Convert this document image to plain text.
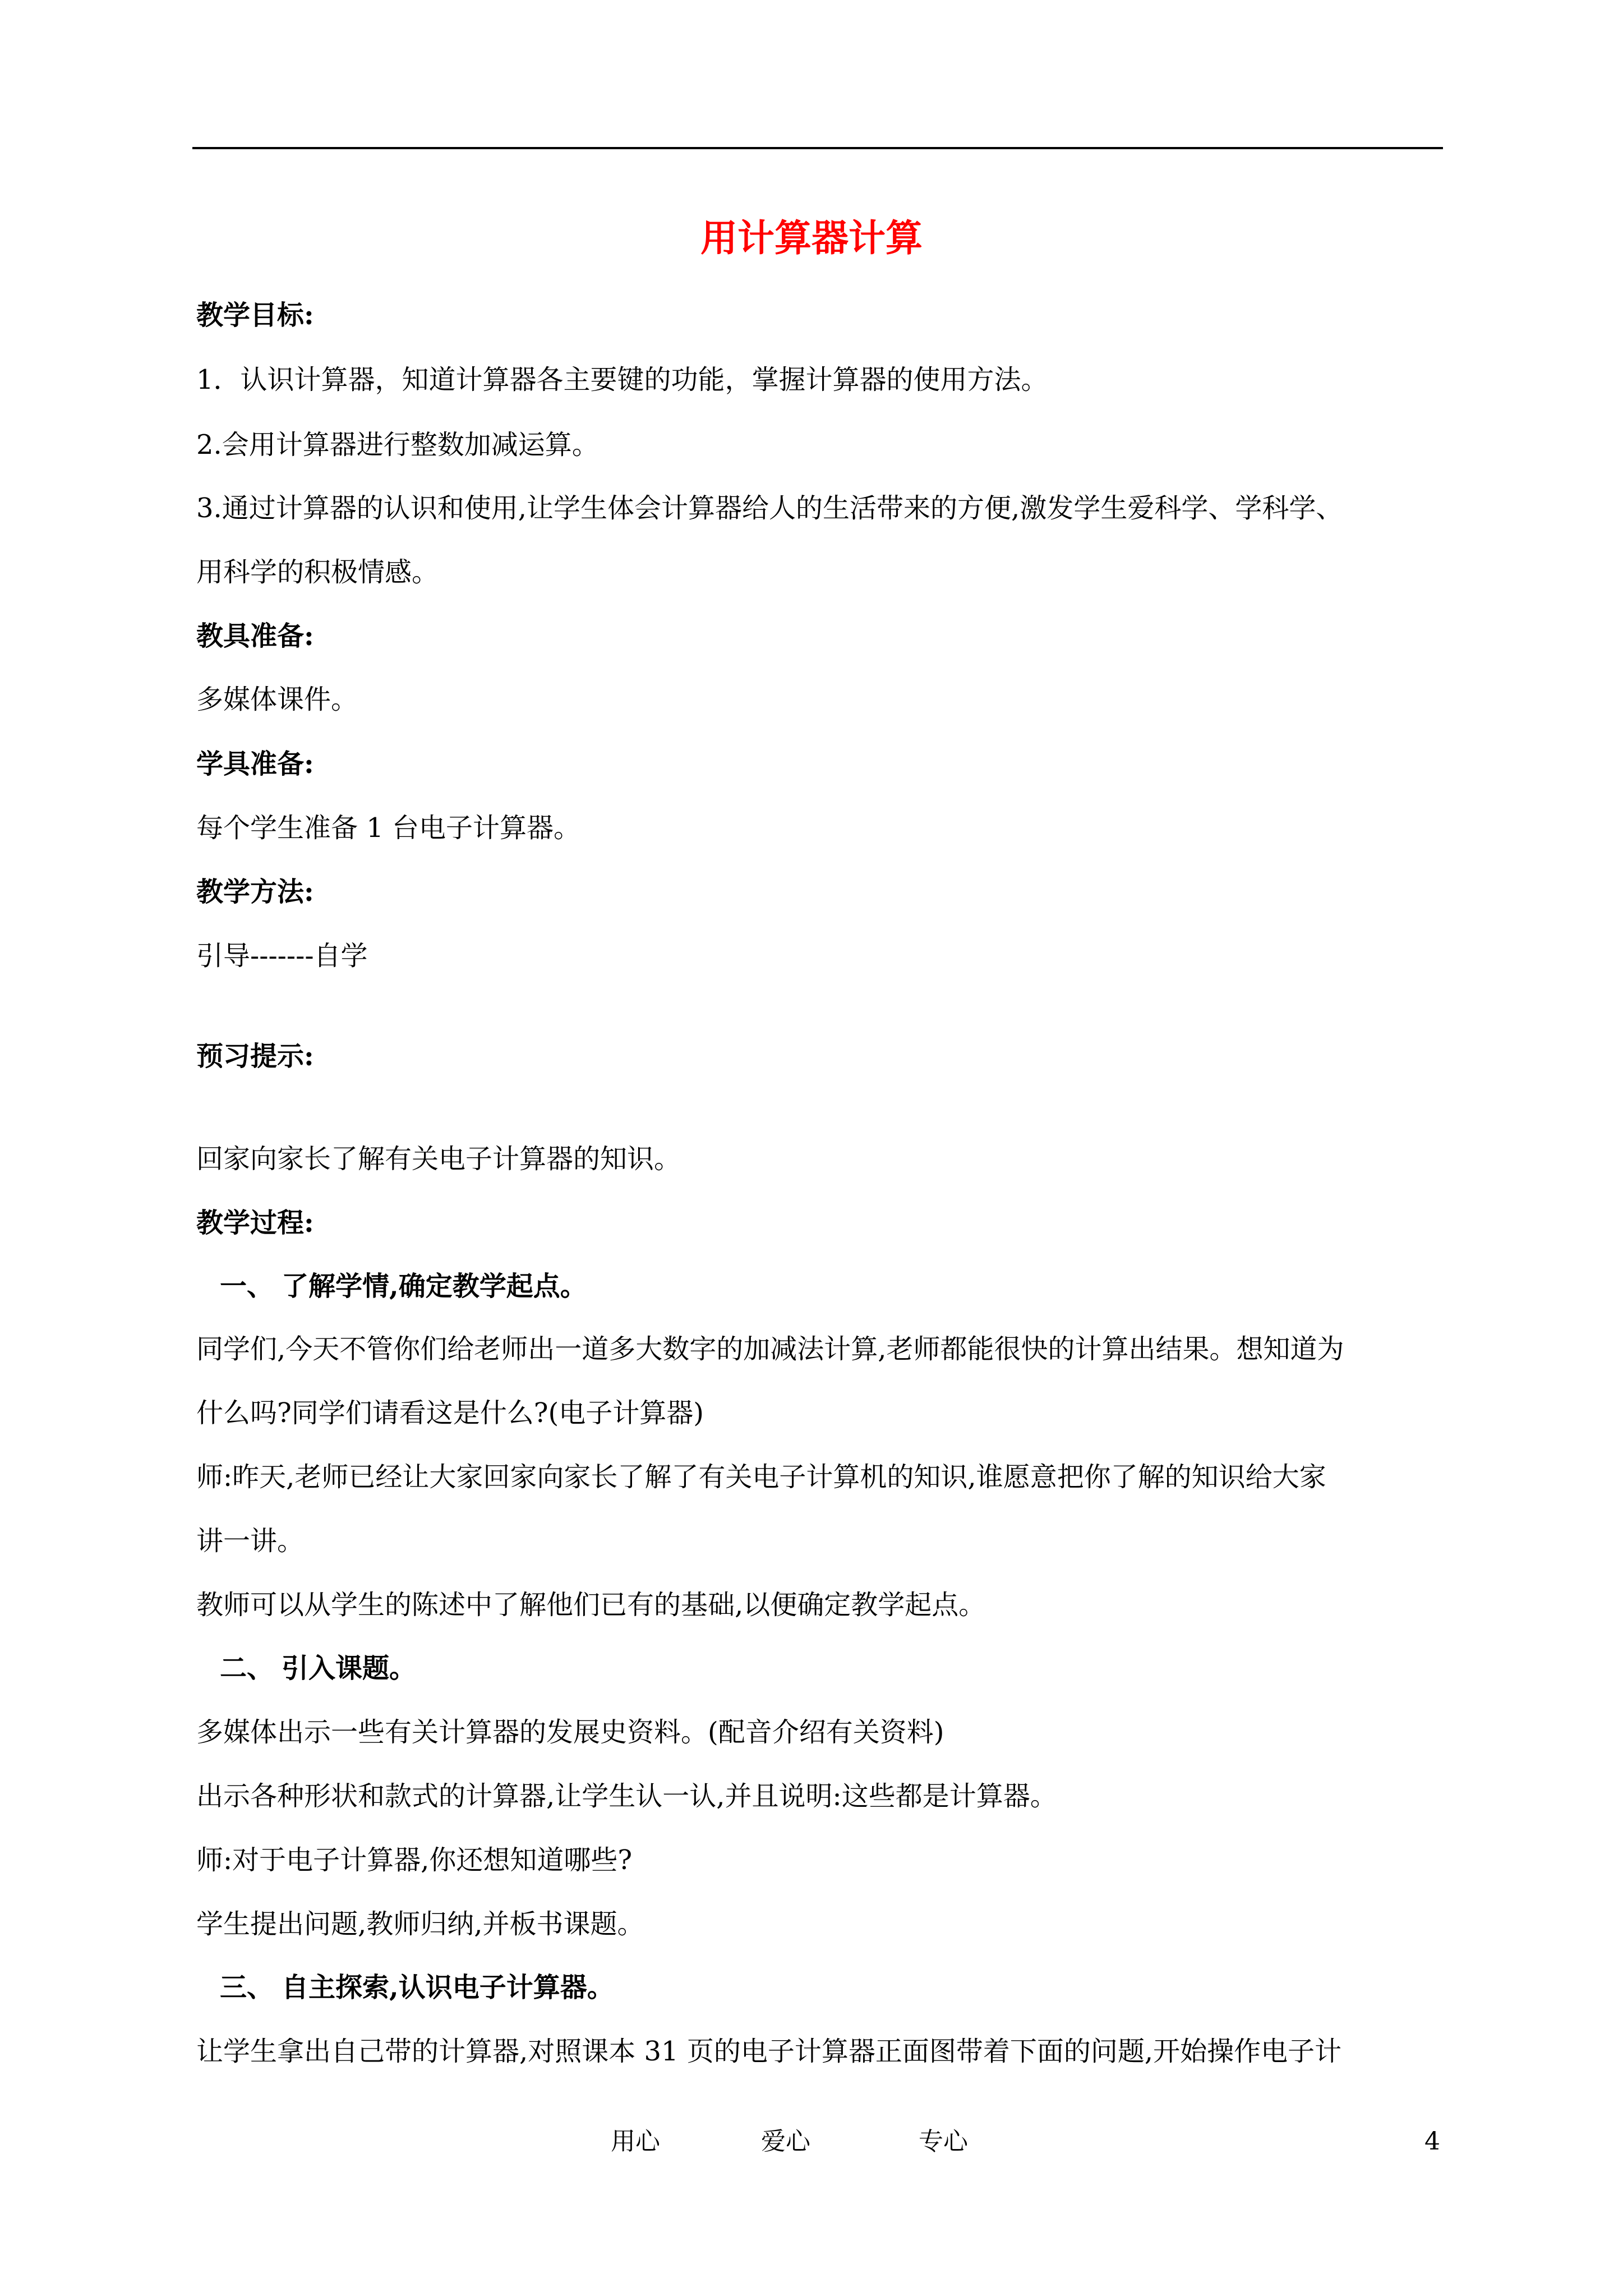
用计算器计算
教学目标:
1．认识计算器，知道计算器各主要键的功能，掌握计算器的使用方法。
2.会用计算器进行整数加减运算。
3.通过计算器的认识和使用,让学生体会计算器给人的生活带来的方便,激发学生爱科学、学科学、
用科学的积极情感。
教具准备:
多媒体课件。
学具准备:
每个学生准备 1 台电子计算器。
教学方法:
引导-------自学
预习提示:
回家向家长了解有关电子计算器的知识。
教学过程:
一、 了解学情,确定教学起点。
同学们,今天不管你们给老师出一道多大数字的加减法计算,老师都能很快的计算出结果。想知道为
什么吗?同学们请看这是什么?(电子计算器)
师:昨天,老师已经让大家回家向家长了解了有关电子计算机的知识,谁愿意把你了解的知识给大家
讲一讲。
教师可以从学生的陈述中了解他们已有的基础,以便确定教学起点。
二、 引入课题。
多媒体出示一些有关计算器的发展史资料。(配音介绍有关资料)
出示各种形状和款式的计算器,让学生认一认,并且说明:这些都是计算器。
师:对于电子计算器,你还想知道哪些?
学生提出问题,教师归纳,并板书课题。
三、 自主探索,认识电子计算器。
让学生拿出自己带的计算器,对照课本 31 页的电子计算器正面图带着下面的问题,开始操作电子计
用心	爱心	专心	4
